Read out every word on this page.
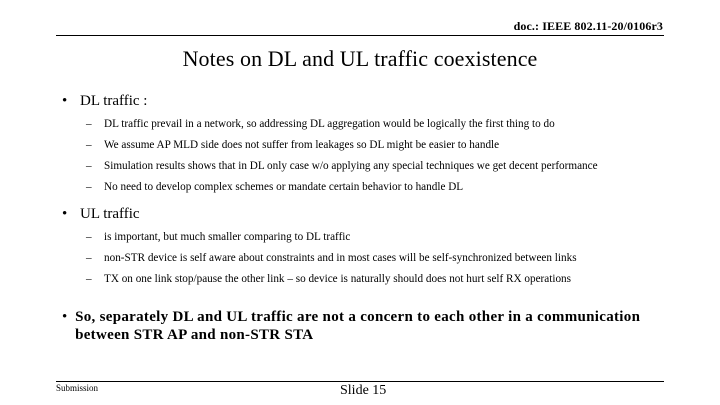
doc.: IEEE 802.11-20/0106r3
Notes on DL and UL traffic coexistence
• DL traffic :
–	DL traffic prevail in a network, so addressing DL aggregation would be logically the first thing to do
–	We assume AP MLD side does not suffer from leakages so DL might be easier to handle
–	Simulation results shows that in DL only case w/o applying any special techniques we get decent performance
–	No need to develop complex schemes or mandate certain behavior to handle DL
• UL traffic
–	is important, but much smaller comparing to DL traffic
–	non-STR device is self aware about constraints and in most cases will be self-synchronized between links
–	TX on one link stop/pause the other link – so device is naturally should does not hurt self RX operations
• So, separately DL and UL traffic are not a concern to each other in a communication between STR AP and non-STR STA
Submission	Slide 15
